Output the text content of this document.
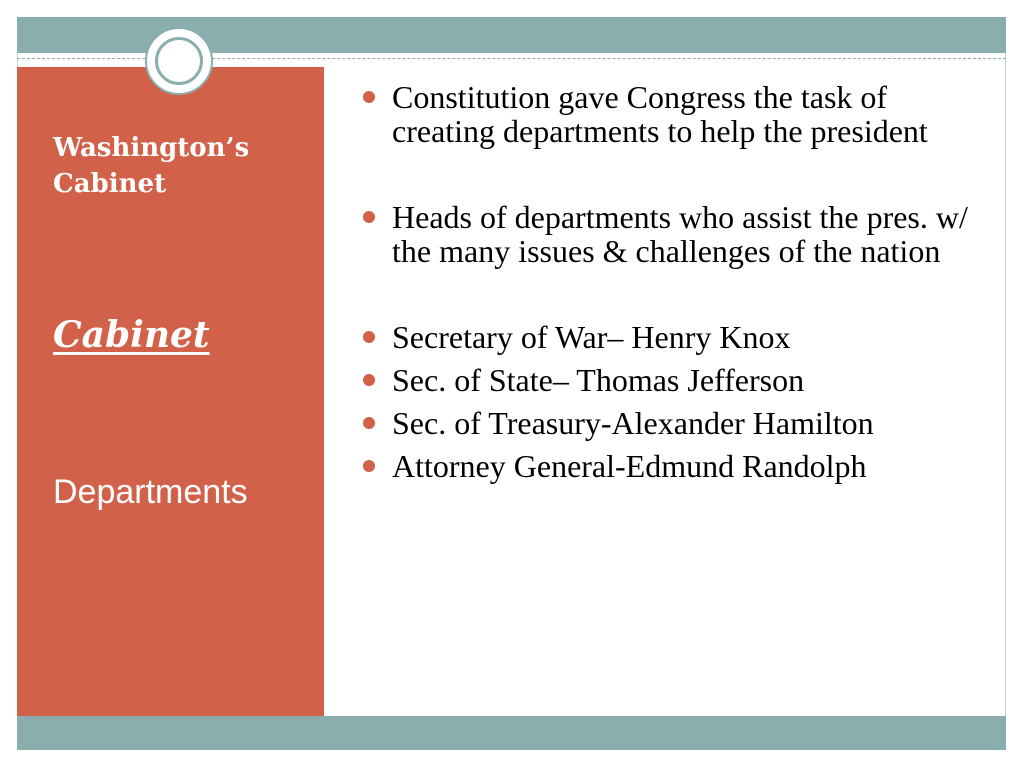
Washington’s Cabinet

Cabinet

Departments

Constitution gave Congress the task of creating departments to help the president
Heads of departments who assist the pres. w/ the many issues & challenges of the nation
Secretary of War– Henry Knox
Sec. of State– Thomas Jefferson
Sec. of Treasury-Alexander Hamilton
Attorney General-Edmund Randolph
